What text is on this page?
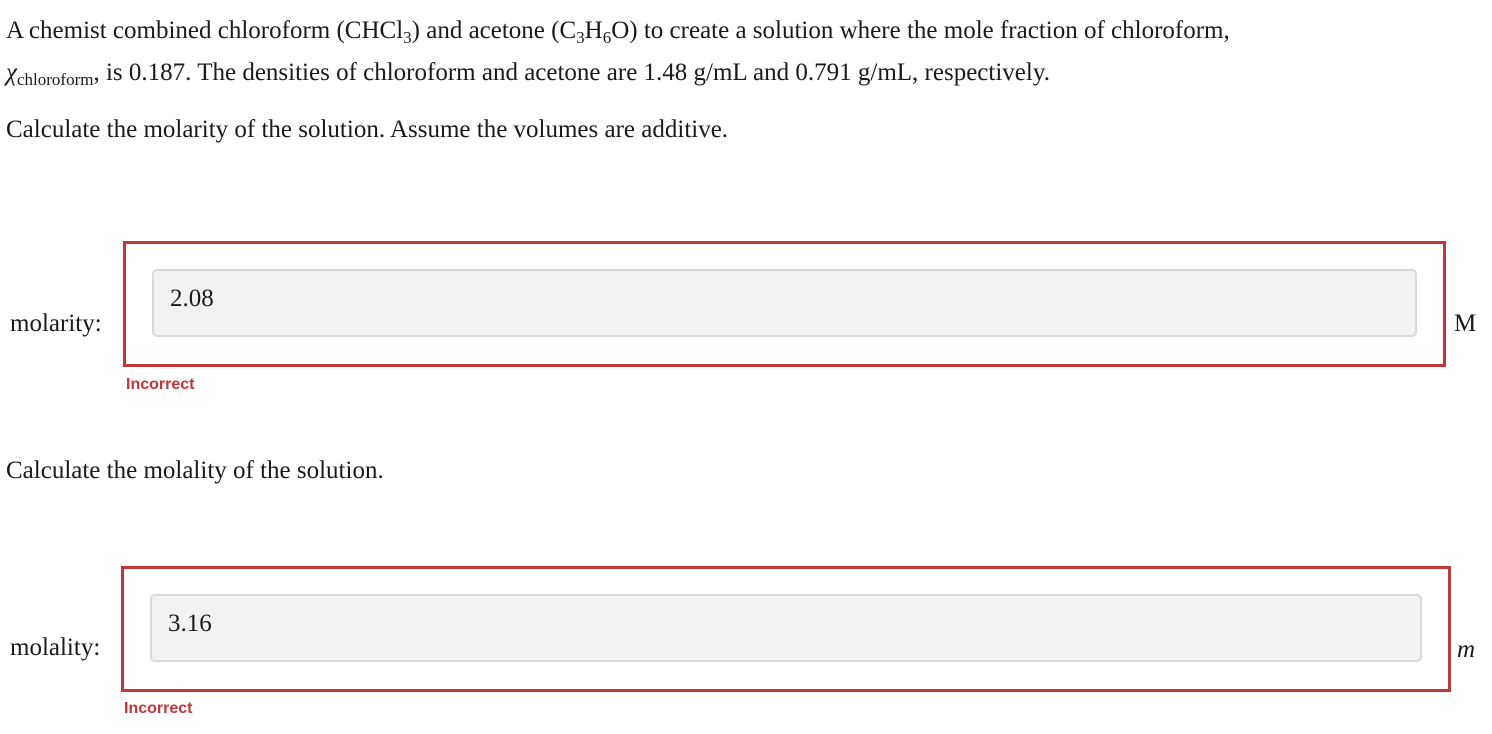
A chemist combined chloroform (CHCl$_3$) and acetone $(C_3H_6O)$ to create a solution where the mole fraction of chloroform,

$\chi_{chloroform}$, is 0.187. The densities of chloroform and acetone are 1.48 g/mL and 0.791 g/mL, respectively.

Calculate the molarity of the solution. Assume the volumes are additive.

molarity:
2.08	M
Incorrect

Calculate the molality of the solution.

molality:
3.16	m
Incorrect
